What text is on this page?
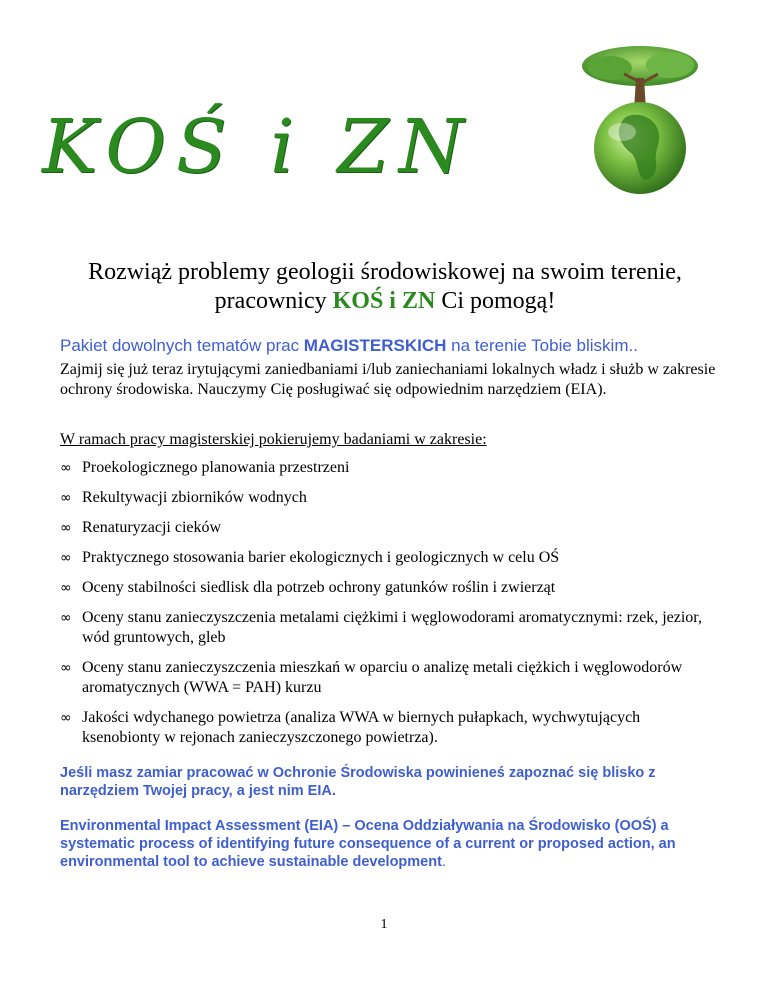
KOŚ i ZN
Rozwiąż problemy geologii środowiskowej na swoim terenie,
pracownicy KOŚ i ZN Ci pomogą!
Pakiet dowolnych tematów prac MAGISTERSKICH na terenie Tobie bliskim..
Zajmij się już teraz irytującymi zaniedbaniami i/lub zaniechaniami lokalnych władz i służb w zakresie ochrony środowiska. Nauczymy Cię posługiwać się odpowiednim narzędziem (EIA).
W ramach pracy magisterskiej pokierujemy badaniami w zakresie:
∞ Proekologicznego planowania przestrzeni
∞ Rekultywacji zbiorników wodnych
∞ Renaturyzacji cieków
∞ Praktycznego stosowania barier ekologicznych i geologicznych w celu OŚ
∞ Oceny stabilności siedlisk dla potrzeb ochrony gatunków roślin i zwierząt
∞ Oceny stanu zanieczyszczenia metalami ciężkimi i węglowodorami aromatycznymi: rzek, jezior, wód gruntowych, gleb
∞ Oceny stanu zanieczyszczenia mieszkań w oparciu o analizę metali ciężkich i węglowodorów aromatycznych (WWA = PAH) kurzu
∞ Jakości wdychanego powietrza (analiza WWA w biernych pułapkach, wychwytujących ksenobionty w rejonach zanieczyszczonego powietrza).
Jeśli masz zamiar pracować w Ochronie Środowiska powinieneś zapoznać się blisko z narzędziem Twojej pracy, a jest nim EIA.
Environmental Impact Assessment (EIA) – Ocena Oddziaływania na Środowisko (OOŚ) a systematic process of identifying future consequence of a current or proposed action, an environmental tool to achieve sustainable development.
1
